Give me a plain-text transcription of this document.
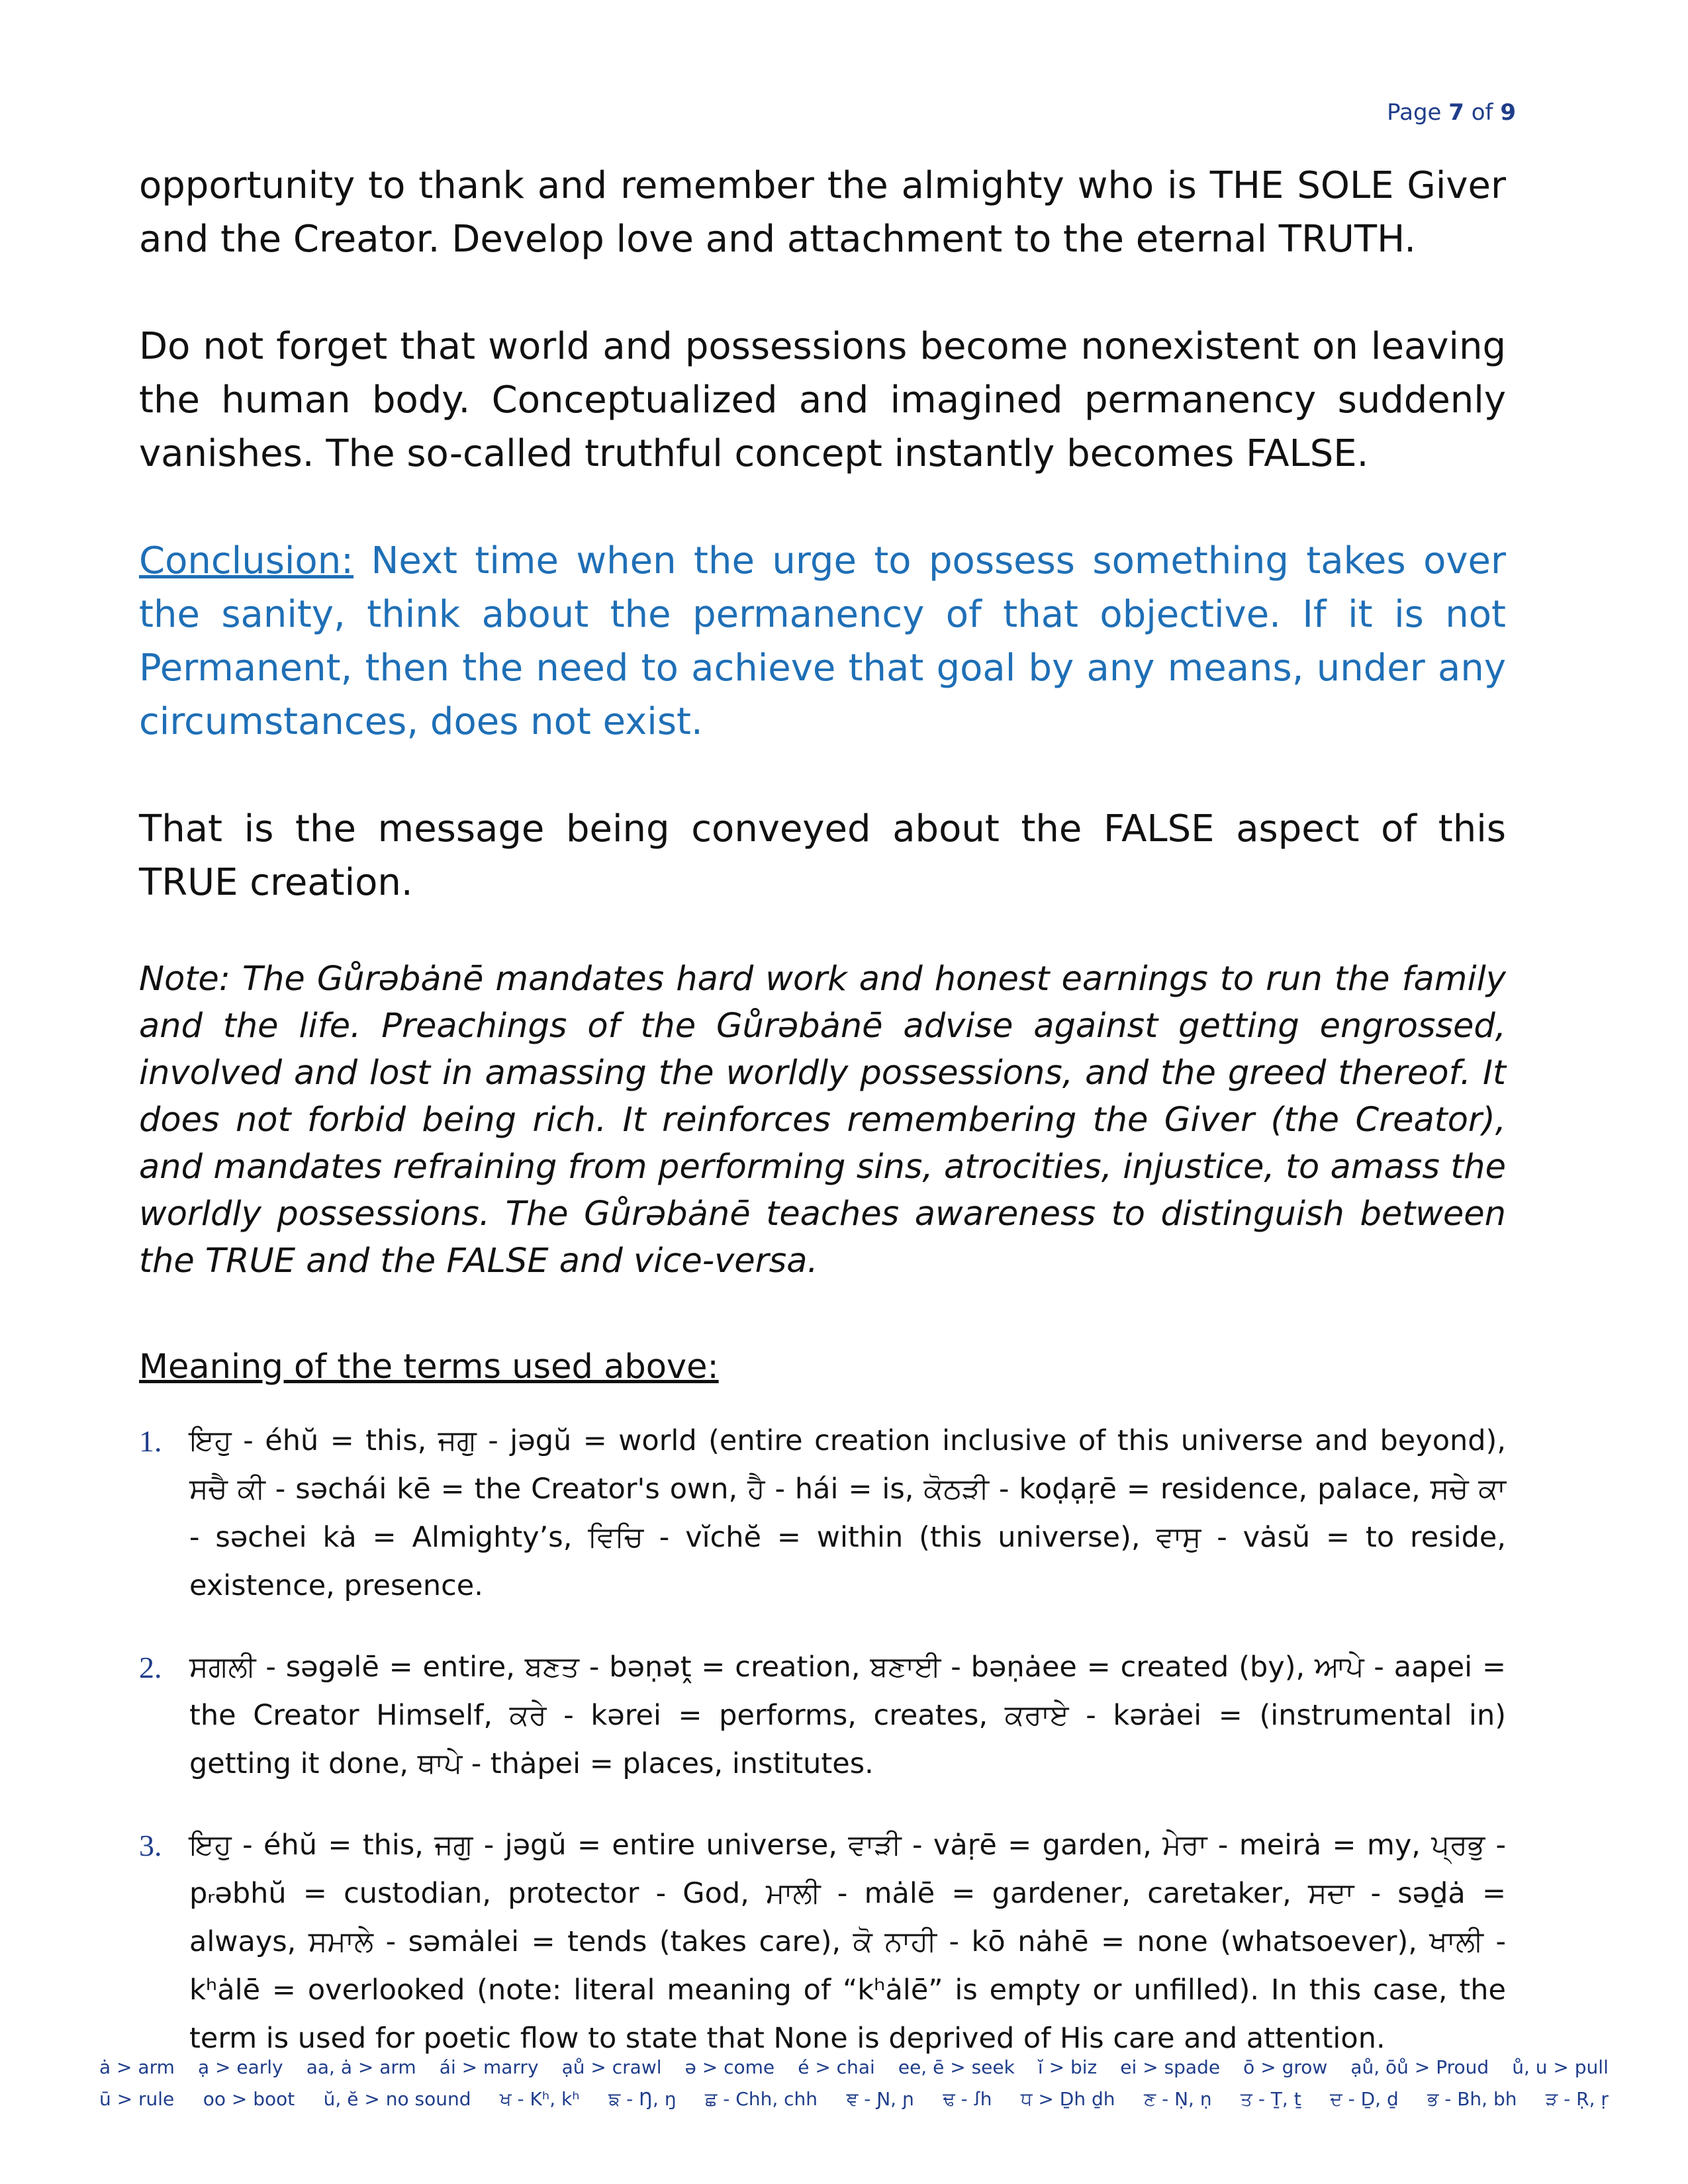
Page 7 of 9

opportunity to thank and remember the almighty who is THE SOLE Giver and the Creator. Develop love and attachment to the eternal TRUTH.

Do not forget that world and possessions become nonexistent on leaving the human body. Conceptualized and imagined permanency suddenly vanishes. The so-called truthful concept instantly becomes FALSE.

Conclusion: Next time when the urge to possess something takes over the sanity, think about the permanency of that objective. If it is not Permanent, then the need to achieve that goal by any means, under any circumstances, does not exist.

That is the message being conveyed about the FALSE aspect of this TRUE creation.

Note: The Gůrəbȧnē mandates hard work and honest earnings to run the family and the life. Preachings of the Gůrəbȧnē advise against getting engrossed, involved and lost in amassing the worldly possessions, and the greed thereof. It does not forbid being rich. It reinforces remembering the Giver (the Creator), and mandates refraining from performing sins, atrocities, injustice, to amass the worldly possessions. The Gůrəbȧnē teaches awareness to distinguish between the TRUE and the FALSE and vice-versa.

Meaning of the terms used above:
1. ਇਹੁ - éhŭ = this, ਜਗੁ - jəgŭ = world (entire creation inclusive of this universe and beyond), ਸਚੈ ਕੀ - səchái kē = the Creator's own, ਹੈ - hái = is, ਕੋਠੜੀ - koḍạṛē = residence, palace, ਸਚੇ ਕਾ - səchei kȧ = Almighty’s, ਵਿਚਿ - vĭchĕ = within (this universe), ਵਾਸੁ - vȧsŭ = to reside, existence, presence.
2. ਸਗਲੀ - səgəlē = entire, ਬਣਤ - bəṇəṱ = creation, ਬਣਾਈ - bəṇȧee = created (by), ਆਪੇ - aapei = the Creator Himself, ਕਰੇ - kərei = performs, creates, ਕਰਾਏ - kərȧei = (instrumental in) getting it done, ਥਾਪੇ - thȧpei = places, institutes.
3. ਇਹੁ - éhŭ = this, ਜਗੁ - jəgŭ = entire universe, ਵਾੜੀ - vȧṛē = garden, ਮੇਰਾ - meirȧ = my, ਪ੍ਰਭੁ - pᵣəbhŭ = custodian, protector - God, ਮਾਲੀ - mȧlē = gardener, caretaker, ਸਦਾ - səḏȧ = always, ਸਮਾਲੇ - səmȧlei = tends (takes care), ਕੋ ਨਾਹੀ - kō nȧhē = none (whatsoever), ਖਾਲੀ - kʰȧlē = overlooked (note: literal meaning of “kʰȧlē” is empty or unfilled). In this case, the term is used for poetic flow to state that None is deprived of His care and attention.
ȧ > arm ạ > early aa, ȧ > arm ái > marry ạů > crawl ə > come é > chai ee, ē > seek ĭ > biz ei > spade ō > grow ạů, ōů > Proud ů, u > pull
ū > rule oo > boot ŭ, ĕ > no sound ਖ - Kʰ, kʰ ਙ - Ŋ, ŋ ਛ - Chh, chh ਞ - Ɲ, ɲ ਢ - ꭍh ਧ > Ḏh ḏh ਣ - Ṇ, ṇ ਤ - Ṯ, ṯ ਦ - Ḏ, ḏ ਭ - Bh, bh ੜ - Ṛ, ṛ
